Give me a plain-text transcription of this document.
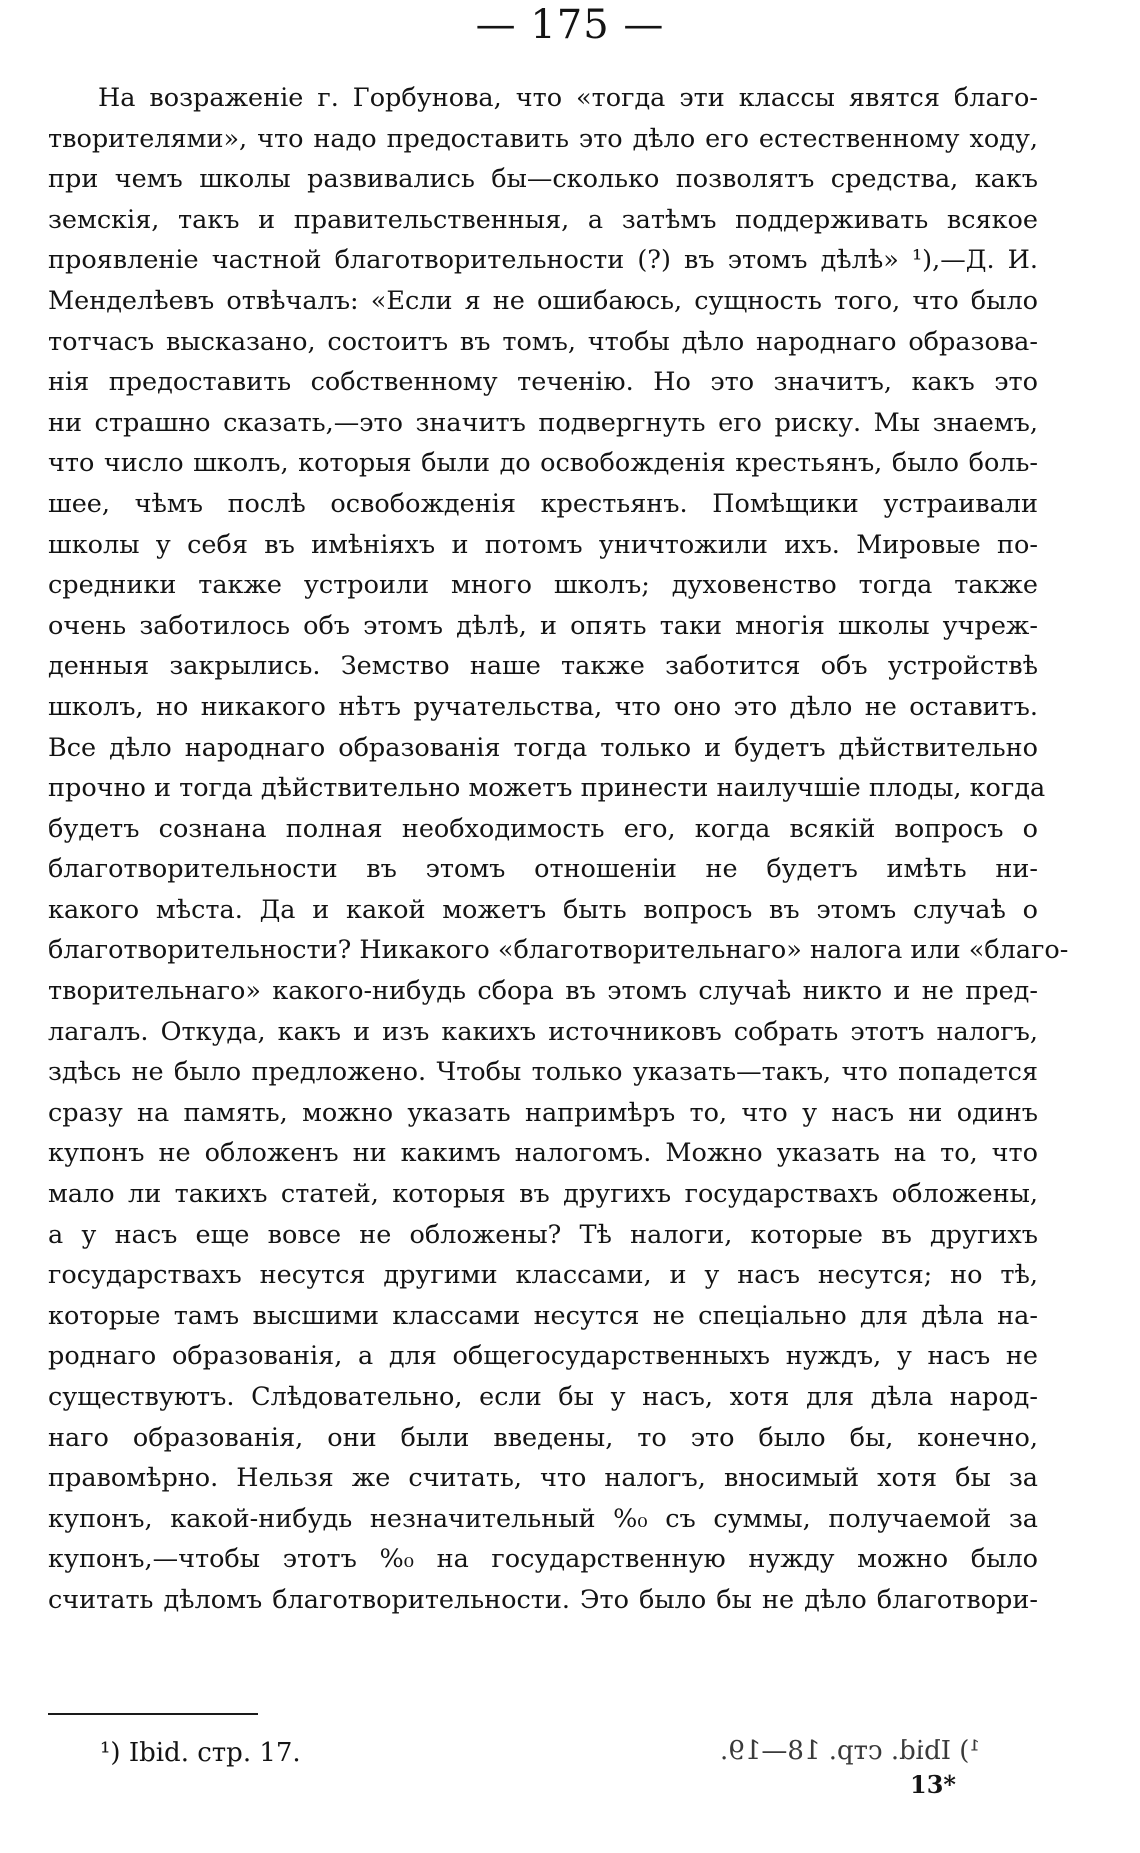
— 175 —
На возраженіе г. Горбунова, что «тогда эти классы явятся благо-
творителями», что надо предоставить это дѣло его естественному ходу,
при чемъ школы развивались бы—сколько позволятъ средства, какъ
земскія, такъ и правительственныя, а затѣмъ поддерживать всякое
проявленіе частной благотворительности (?) въ этомъ дѣлѣ» ¹),—Д. И.
Менделѣевъ отвѣчалъ: «Если я не ошибаюсь, сущность того, что было
тотчасъ высказано, состоитъ въ томъ, чтобы дѣло народнаго образова-
нія предоставить собственному теченію. Но это значитъ, какъ это
ни страшно сказать,—это значитъ подвергнуть его риску. Мы знаемъ,
что число школъ, которыя были до освобожденія крестьянъ, было боль-
шее, чѣмъ послѣ освобожденія крестьянъ. Помѣщики устраивали
школы у себя въ имѣніяхъ и потомъ уничтожили ихъ. Мировые по-
средники также устроили много школъ; духовенство тогда также
очень заботилось объ этомъ дѣлѣ, и опять таки многія школы учреж-
денныя закрылись. Земство наше также заботится объ устройствѣ
школъ, но никакого нѣтъ ручательства, что оно это дѣло не оставитъ.
Все дѣло народнаго образованія тогда только и будетъ дѣйствительно
прочно и тогда дѣйствительно можетъ принести наилучшіе плоды, когда
будетъ сознана полная необходимость его, когда всякій вопросъ о
благотворительности въ этомъ отношеніи не будетъ имѣть ни-
какого мѣста. Да и какой можетъ быть вопросъ въ этомъ случаѣ о
благотворительности? Никакого «благотворительнаго» налога или «благо-
творительнаго» какого-нибудь сбора въ этомъ случаѣ никто и не пред-
лагалъ. Откуда, какъ и изъ какихъ источниковъ собрать этотъ налогъ,
здѣсь не было предложено. Чтобы только указать—такъ, что попадется
сразу на память, можно указать напримѣръ то, что у насъ ни одинъ
купонъ не обложенъ ни какимъ налогомъ. Можно указать на то, что
мало ли такихъ статей, которыя въ другихъ государствахъ обложены,
а у насъ еще вовсе не обложены? Тѣ налоги, которые въ другихъ
государствахъ несутся другими классами, и у насъ несутся; но тѣ,
которые тамъ высшими классами несутся не спеціально для дѣла на-
роднаго образованія, а для общегосударственныхъ нуждъ, у насъ не
существуютъ. Слѣдовательно, если бы у насъ, хотя для дѣла народ-
наго образованія, они были введены, то это было бы, конечно,
правомѣрно. Нельзя же считать, что налогъ, вносимый хотя бы за
купонъ, какой-нибудь незначительный %₀ съ суммы, получаемой за
купонъ,—чтобы этотъ %₀ на государственную нужду можно было
считать дѣломъ благотворительности. Это было бы не дѣло благотвори-
¹) Ibid. стр. 17.	¹) Ibid. стр. 18—19.
13*
